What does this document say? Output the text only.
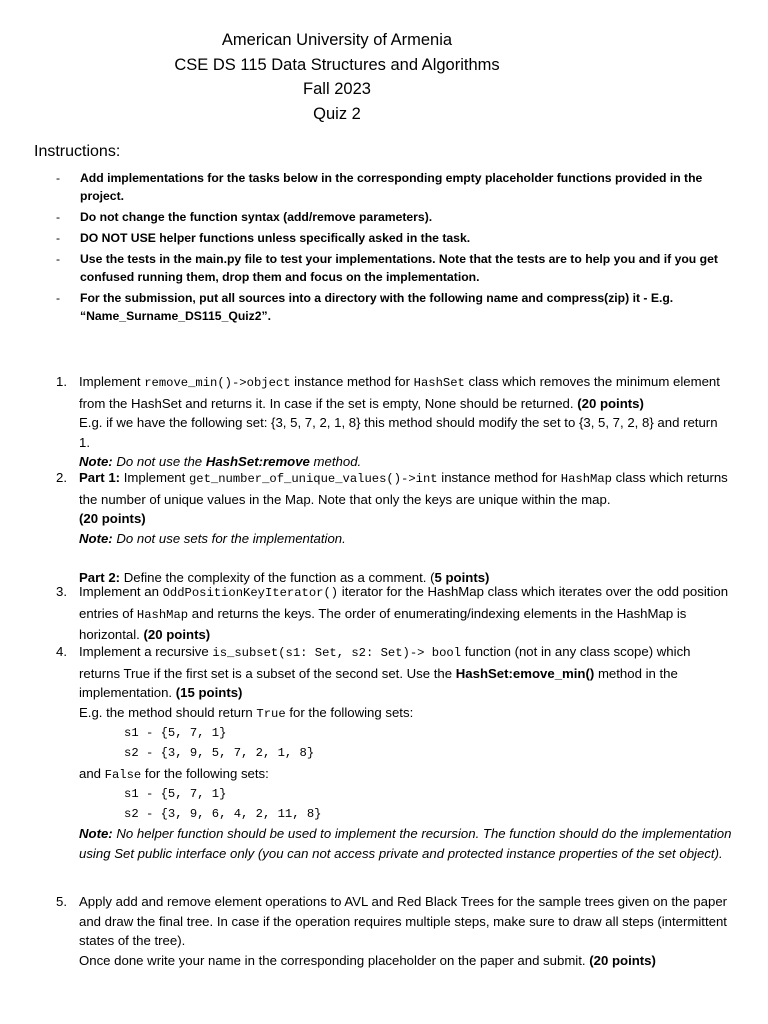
American University of Armenia
CSE DS 115 Data Structures and Algorithms
Fall 2023
Quiz 2
Instructions:
- Add implementations for the tasks below in the corresponding empty placeholder functions provided in the project.
- Do not change the function syntax (add/remove parameters).
- DO NOT USE helper functions unless specifically asked in the task.
- Use the tests in the main.py file to test your implementations. Note that the tests are to help you and if you get confused running them, drop them and focus on the implementation.
- For the submission, put all sources into a directory with the following name and compress(zip) it - E.g. “Name_Surname_DS115_Quiz2”.
1. Implement remove_min()->object instance method for HashSet class which removes the minimum element from the HashSet and returns it. In case if the set is empty, None should be returned. (20 points)
E.g. if we have the following set: {3, 5, 7, 2, 1, 8} this method should modify the set to {3, 5, 7, 2, 8} and return 1.
Note: Do not use the HashSet:remove method.
2. Part 1: Implement get_number_of_unique_values()->int instance method for HashMap class which returns the number of unique values in the Map. Note that only the keys are unique within the map.
(20 points)
Note: Do not use sets for the implementation.
Part 2: Define the complexity of the function as a comment. (5 points)
3. Implement an OddPositionKeyIterator() iterator for the HashMap class which iterates over the odd position entries of HashMap and returns the keys. The order of enumerating/indexing elements in the HashMap is horizontal. (20 points)
4. Implement a recursive is_subset(s1: Set, s2: Set)-> bool function (not in any class scope) which returns True if the first set is a subset of the second set. Use the HashSet:emove_min() method in the implementation. (15 points)
E.g. the method should return True for the following sets:
s1 - {5, 7, 1}
s2 - {3, 9, 5, 7, 2, 1, 8}
and False for the following sets:
s1 - {5, 7, 1}
s2 - {3, 9, 6, 4, 2, 11, 8}
Note: No helper function should be used to implement the recursion. The function should do the implementation using Set public interface only (you can not access private and protected instance properties of the set object).
5. Apply add and remove element operations to AVL and Red Black Trees for the sample trees given on the paper and draw the final tree. In case if the operation requires multiple steps, make sure to draw all steps (intermittent states of the tree).
Once done write your name in the corresponding placeholder on the paper and submit. (20 points)
